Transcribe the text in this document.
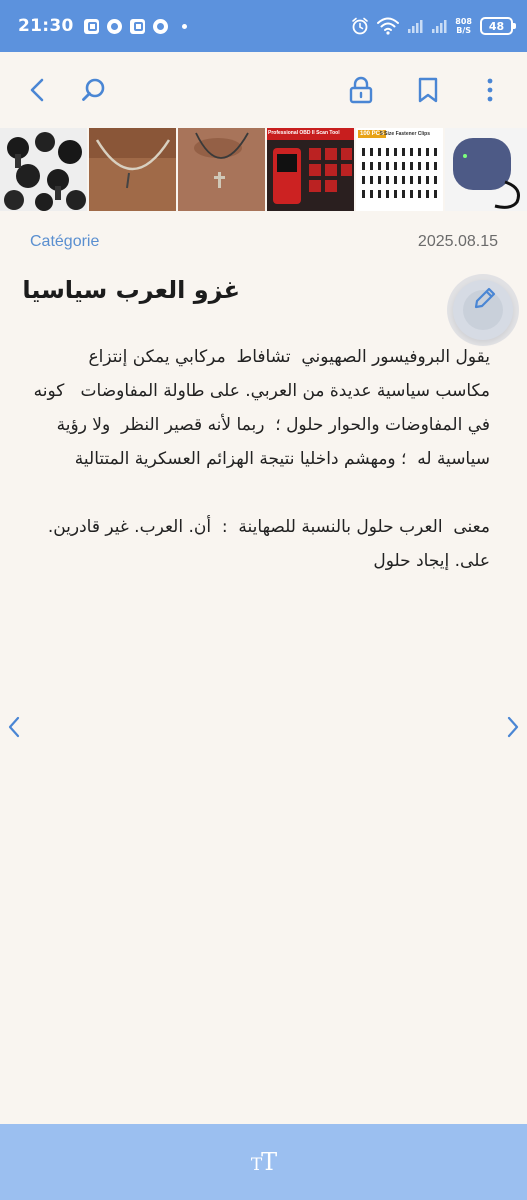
21:30	808
B/S 48
Professional OBD II Scan Tool	100 PCS
5 Size Fastener Clips
Catégorie	2025.08.15
غزو العرب سياسيا

يقول البروفيسور الصهيوني  تشافاط  مركابي يمكن إنتزاع  مكاسب سياسية عديدة من العربي. على طاولة المفاوضات   كونه  في المفاوضات والحوار حلول ؛  ربما لأنه قصير النظر  ولا رؤية سياسية له  ؛ ومهشم داخليا نتيجة الهزائم العسكرية المتتالية

معنى  العرب حلول بالنسبة للصهاينة  :  أن. العرب. غير قادرين. على. إيجاد حلول

TT
